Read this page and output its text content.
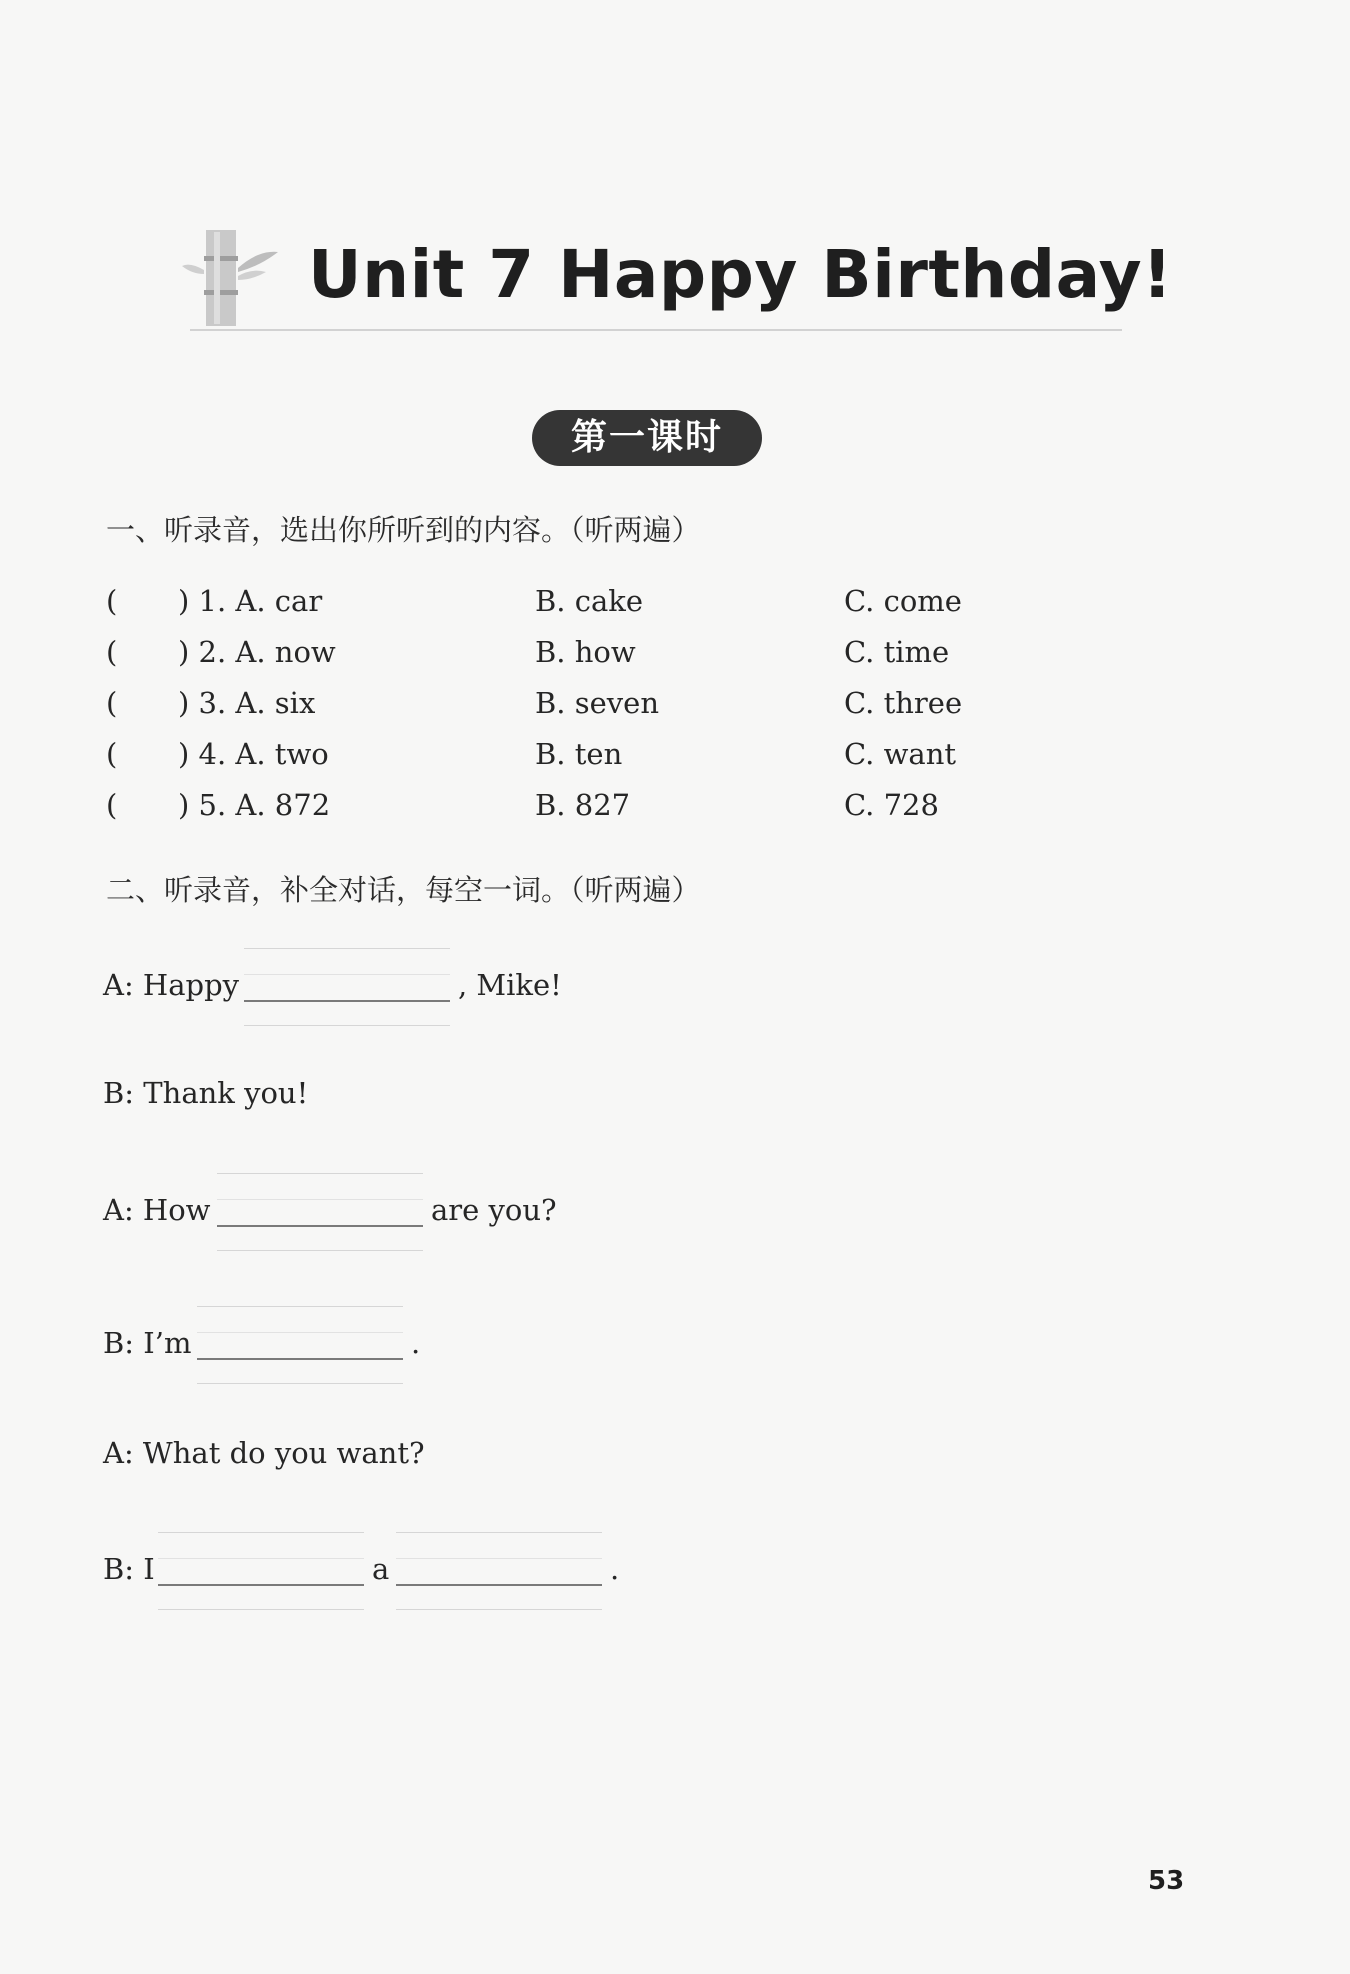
Unit 7 Happy Birthday!
第一课时
一、听录音，选出你所听到的内容。（听两遍）
( ) 1. A. car	B. cake	C. come
( ) 2. A. now	B. how	C. time
( ) 3. A. six	B. seven	C. three
( ) 4. A. two	B. ten	C. want
( ) 5. A. 872	B. 827	C. 728
二、听录音，补全对话，每空一词。（听两遍）
A: Happy	, Mike!
B: Thank you!
A: How	are you?
B: I’m	.
A: What do you want?
B: I	a	.
53
